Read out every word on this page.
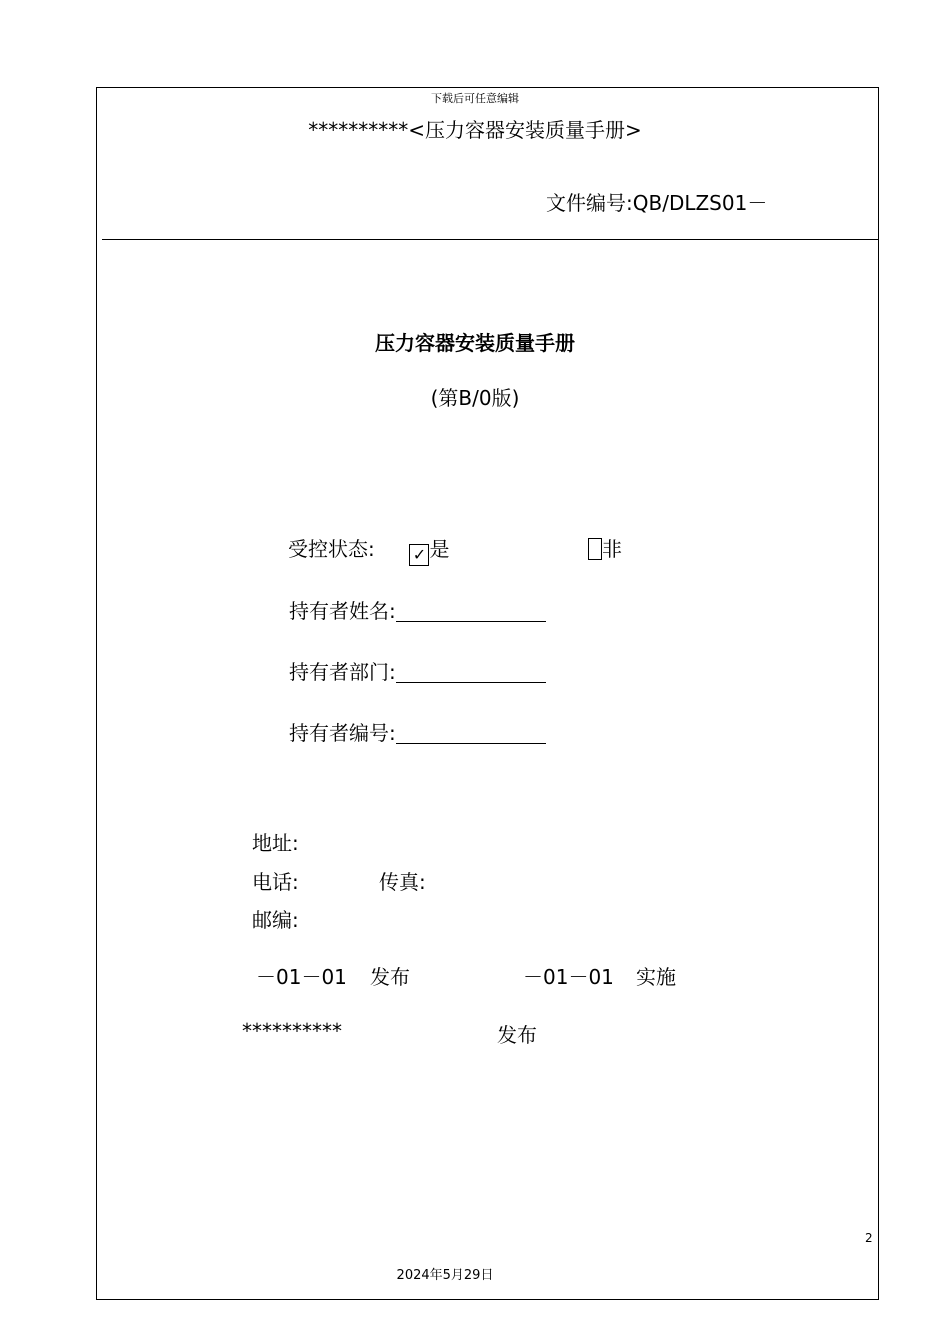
下载后可任意编辑
**********<压力容器安装质量手册>
文件编号:QB/DLZS01－
压力容器安装质量手册
(第B/0版)
受控状态: ✓ 是	非
持有者姓名:
持有者部门:
持有者编号:
地址:
电话:	传真:
邮编:
－01－01 发布	－01－01 实施
**********	发布
2
2024年5月29日
